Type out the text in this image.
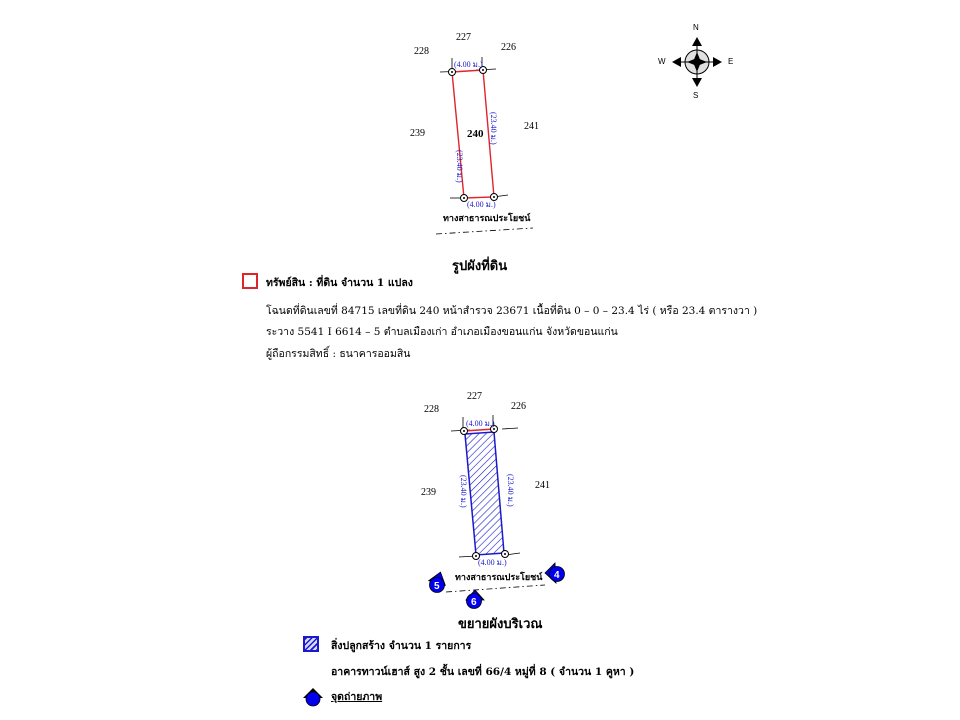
227
228	226
239
241
(4.00 ม.)
(4.00 ม.)
(23.40 ม.)
(23.40 ม.)
240
ทางสาธารณประโยชน์
N
S
E
W
227
228	226
239
241
(4.00 ม.)
(4.00 ม.)
(23.40 ม.)	(23.40 ม.)
ทางสาธารณประโยชน์
5
4
6
รูปผังที่ดิน
ทรัพย์สิน : ที่ดิน จำนวน 1 แปลง
โฉนดที่ดินเลขที่ 84715 เลขที่ดิน 240 หน้าสำรวจ 23671 เนื้อที่ดิน 0 – 0 – 23.4 ไร่ ( หรือ 23.4 ตารางวา )
ระวาง 5541 I 6614 – 5 ตำบลเมืองเก่า อำเภอเมืองขอนแก่น จังหวัดขอนแก่น
ผู้ถือกรรมสิทธิ์ : ธนาคารออมสิน
ขยายผังบริเวณ
สิ่งปลูกสร้าง จำนวน 1 รายการ
อาคารทาวน์เฮาส์ สูง 2 ชั้น เลขที่ 66/4 หมู่ที่ 8 ( จำนวน 1 คูหา )
จุดถ่ายภาพ
